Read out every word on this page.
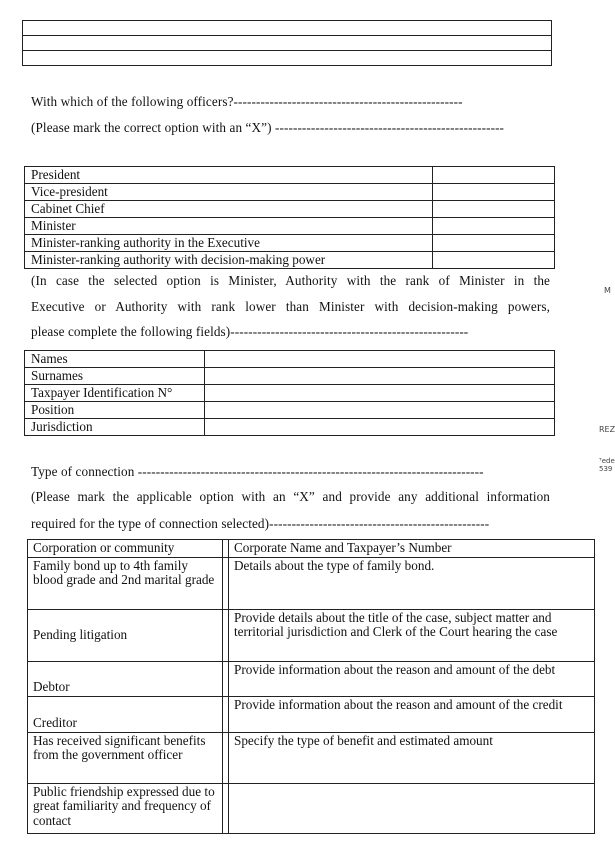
With which of the following officers?---------------------------------------------------
(Please mark the correct option with an “X”) ---------------------------------------------------
President	
Vice-president	
Cabinet Chief	
Minister	
Minister-ranking authority in the Executive	
Minister-ranking authority with decision-making power	
(In case the selected option is Minister, Authority with the rank of Minister in the
Executive or Authority with rank lower than Minister with decision-making powers,
please complete the following fields)-----------------------------------------------------
Names	
Surnames	
Taxpayer Identification N°	
Position	
Jurisdiction	
Type of connection -----------------------------------------------------------------------------
(Please mark the applicable option with an “X” and provide any additional information
required for the type of connection selected)-------------------------------------------------
Corporation or community		Corporate Name and Taxpayer’s Number
Family bond up to 4th family blood grade and 2nd marital grade		Details about the type of family bond.
Pending litigation		Provide details about the title of the case, subject matter and territorial jurisdiction and Clerk of the Court hearing the case
Debtor		Provide information about the reason and amount of the debt
Creditor		Provide information about the reason and amount of the credit
Has received significant benefits from the government officer		Specify the type of benefit and estimated amount
Public friendship expressed due to great familiarity and frequency of contact		
M
REZ
ᵀede
539
